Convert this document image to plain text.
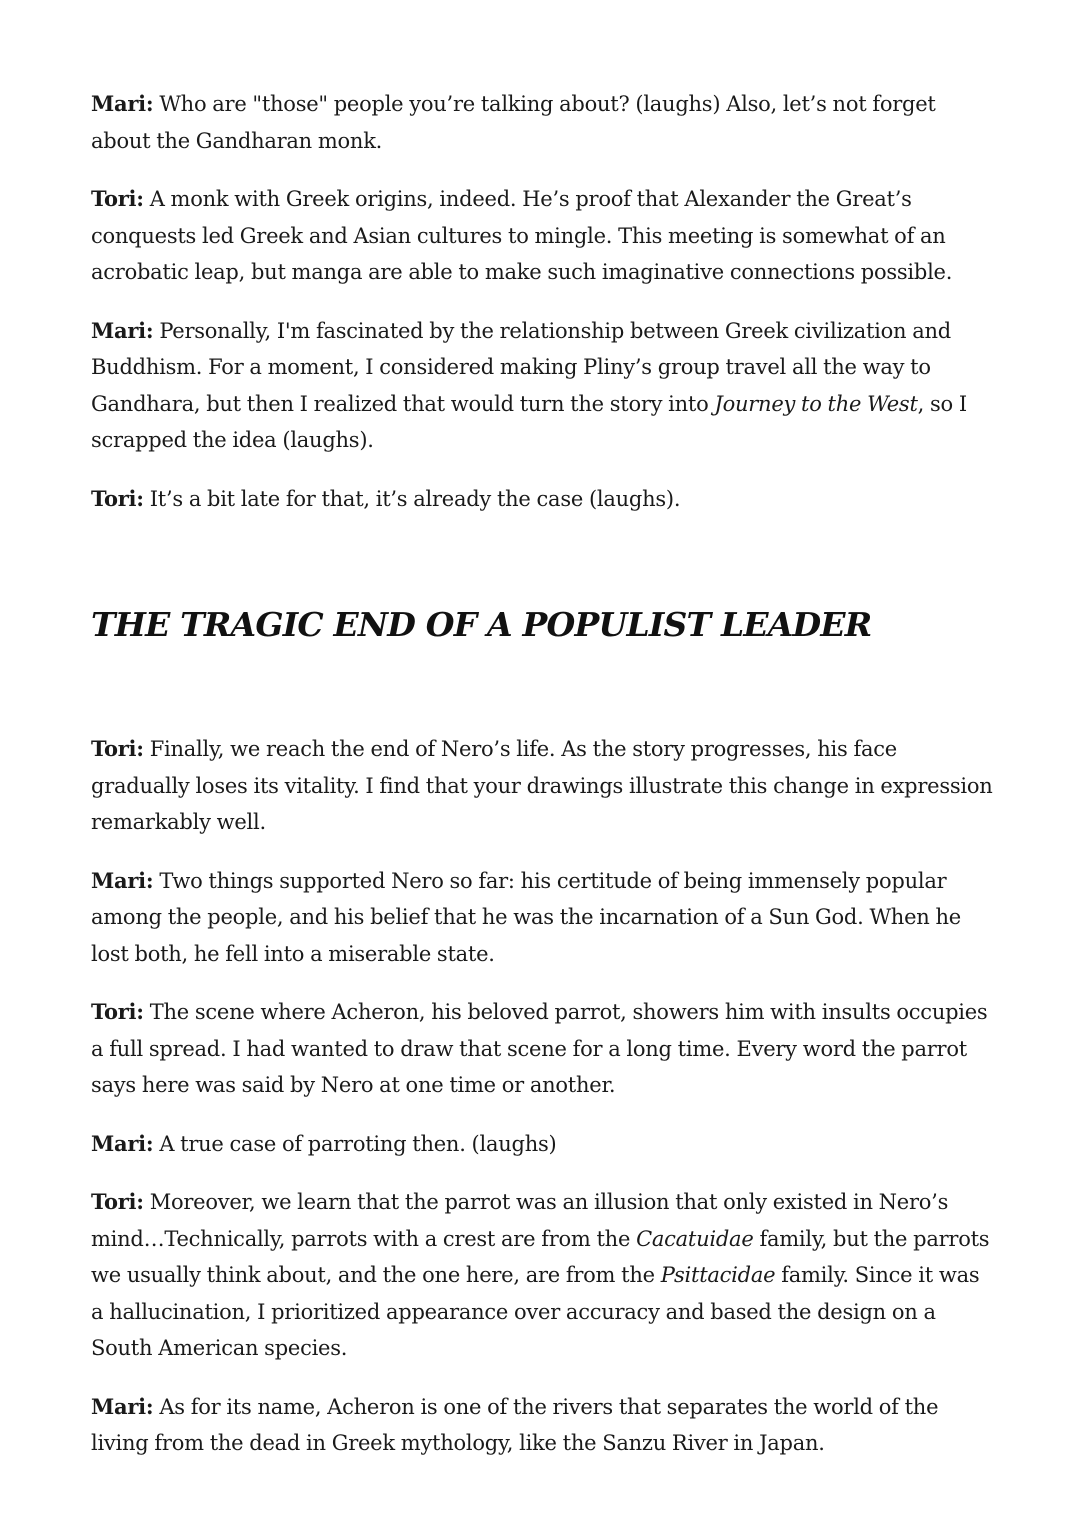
Mari: Who are "those" people you’re talking about? (laughs) Also, let’s not forget about the Gandharan monk.

Tori: A monk with Greek origins, indeed. He’s proof that Alexander the Great’s conquests led Greek and Asian cultures to mingle. This meeting is somewhat of an acrobatic leap, but manga are able to make such imaginative connections possible.

Mari: Personally, I'm fascinated by the relationship between Greek civilization and Buddhism. For a moment, I considered making Pliny’s group travel all the way to Gandhara, but then I realized that would turn the story into Journey to the West, so I scrapped the idea (laughs).

Tori: It’s a bit late for that, it’s already the case (laughs).

THE TRAGIC END OF A POPULIST LEADER

Tori: Finally, we reach the end of Nero’s life. As the story progresses, his face gradually loses its vitality. I find that your drawings illustrate this change in expression remarkably well.

Mari: Two things supported Nero so far: his certitude of being immensely popular among the people, and his belief that he was the incarnation of a Sun God. When he lost both, he fell into a miserable state.

Tori: The scene where Acheron, his beloved parrot, showers him with insults occupies a full spread. I had wanted to draw that scene for a long time. Every word the parrot says here was said by Nero at one time or another.

Mari: A true case of parroting then. (laughs)

Tori: Moreover, we learn that the parrot was an illusion that only existed in Nero’s mind…Technically, parrots with a crest are from the Cacatuidae family, but the parrots we usually think about, and the one here, are from the Psittacidae family. Since it was a hallucination, I prioritized appearance over accuracy and based the design on a South American species.

Mari: As for its name, Acheron is one of the rivers that separates the world of the living from the dead in Greek mythology, like the Sanzu River in Japan.
